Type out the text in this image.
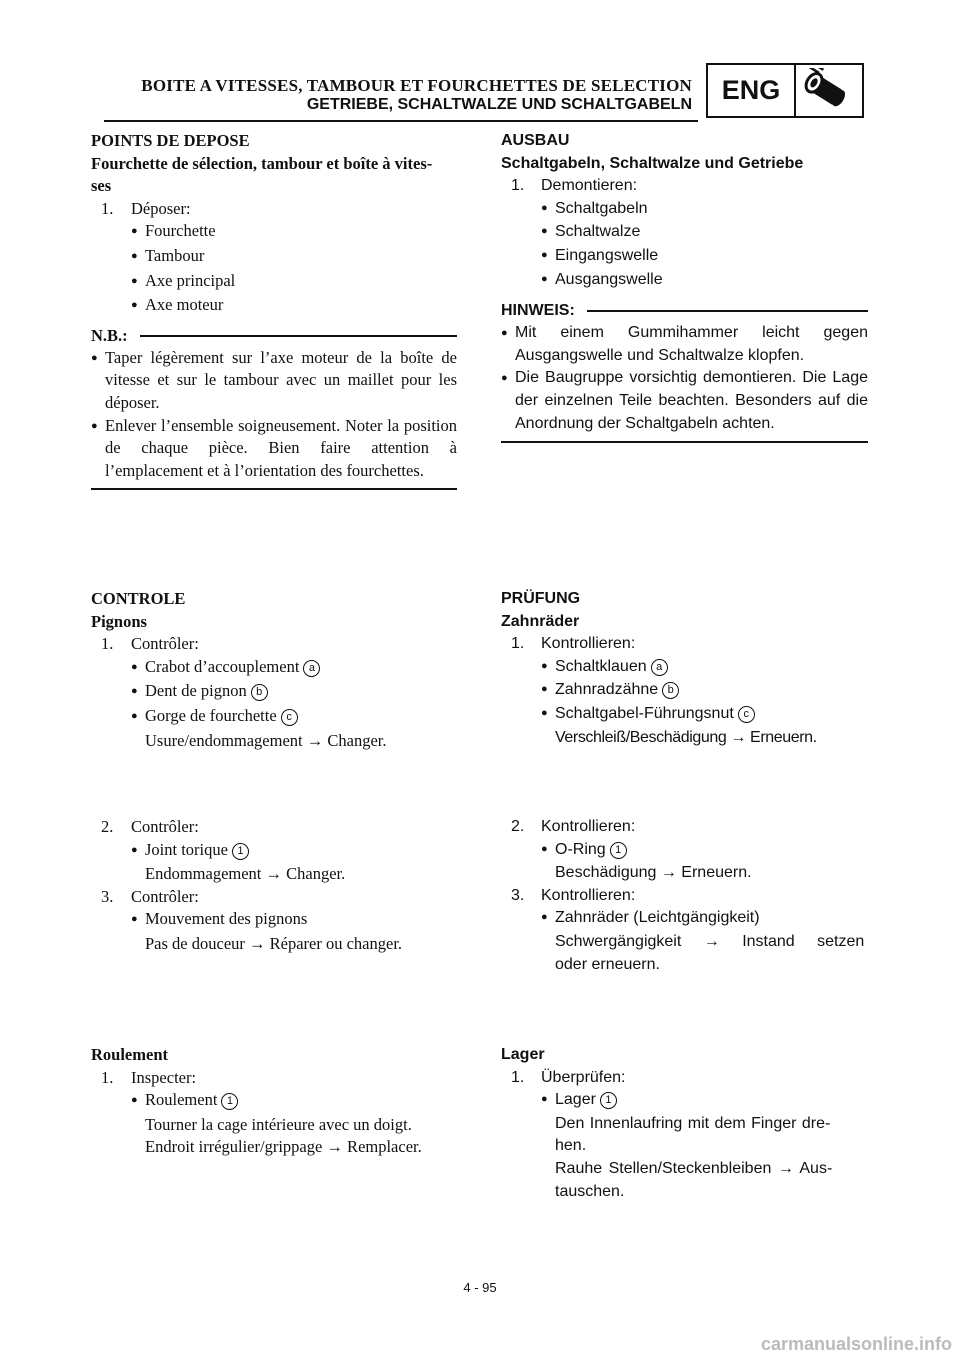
BOITE A VITESSES, TAMBOUR ET FOURCHETTES DE SELECTION
GETRIEBE, SCHALTWALZE UND SCHALTGABELN	ENG
POINTS DE DEPOSE
Fourchette de sélection, tambour et boîte à vites-
ses
1. Déposer:
● Fourchette
● Tambour
● Axe principal
● Axe moteur
N.B.:
● Taper légèrement sur l’axe moteur de la boîte de vitesse et sur le tambour avec un maillet pour les déposer.
● Enlever l’ensemble soigneusement. Noter la position de chaque pièce. Bien faire attention à l’emplacement et à l’orientation des fourchettes.
AUSBAU
Schaltgabeln, Schaltwalze und Getriebe
1. Demontieren:
● Schaltgabeln
● Schaltwalze
● Eingangswelle
● Ausgangswelle
HINWEIS:
● Mit einem Gummihammer leicht gegen Ausgangswelle und Schaltwalze klopfen.
● Die Baugruppe vorsichtig demontieren. Die Lage der einzelnen Teile beachten. Besonders auf die Anordnung der Schaltgabeln achten.
CONTROLE
Pignons
1. Contrôler:
● Crabot d’accouplement a
● Dent de pignon b
● Gorge de fourchette c
Usure/endommagement → Changer.
2. Contrôler:
● Joint torique 1
Endommagement → Changer.
3. Contrôler:
● Mouvement des pignons
Pas de douceur → Réparer ou changer.
PRÜFUNG
Zahnräder
1. Kontrollieren:
● Schaltklauen a
● Zahnradzähne b
● Schaltgabel-Führungsnut c
Verschleiß/Beschädigung → Erneuern.
2. Kontrollieren:
● O-Ring 1
Beschädigung → Erneuern.
3. Kontrollieren:
● Zahnräder (Leichtgängigkeit)
Schwergängigkeit → Instand setzen
oder erneuern.
Roulement
1. Inspecter:
● Roulement 1
Tourner la cage intérieure avec un doigt.
Endroit irrégulier/grippage → Remplacer.
Lager
1. Überprüfen:
● Lager 1
Den Innenlaufring mit dem Finger dre-
hen.
Rauhe Stellen/Steckenbleiben → Aus-
tauschen.
4 - 95
carmanualsonline.info
